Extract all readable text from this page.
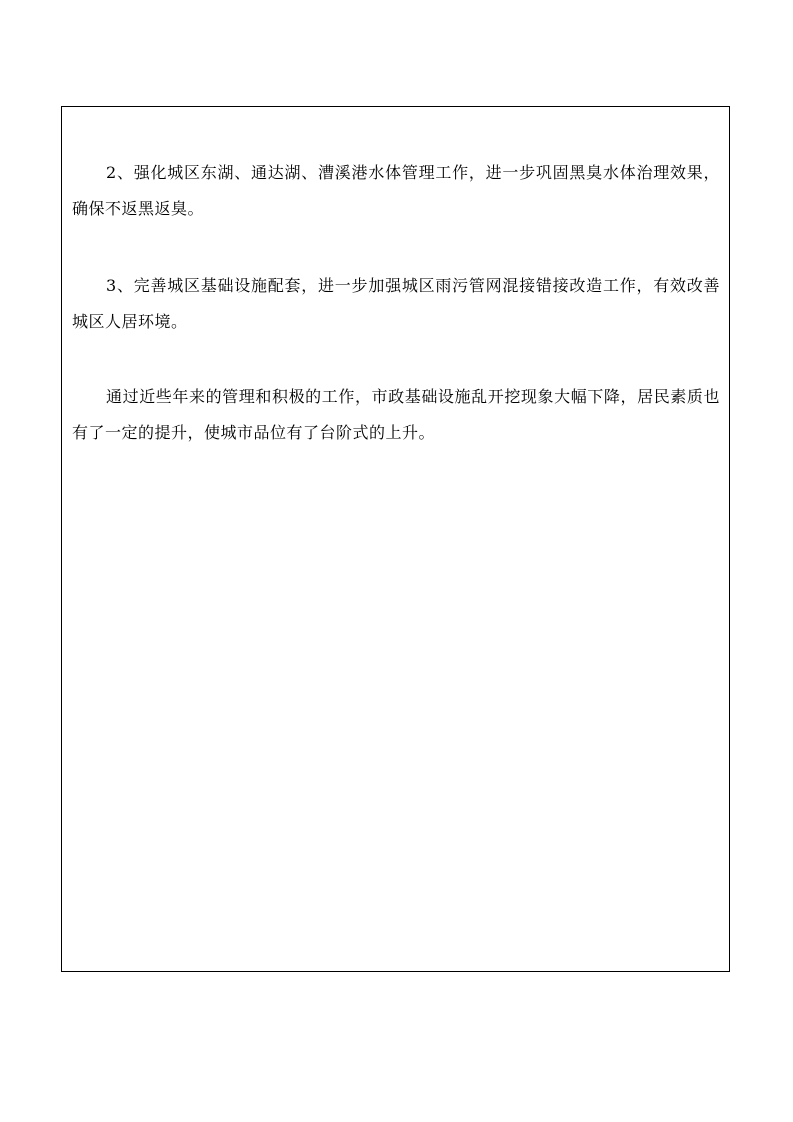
2、强化城区东湖、通达湖、漕溪港水体管理工作，进一步巩固黑臭水体治理效果，确保不返黑返臭。

3、完善城区基础设施配套，进一步加强城区雨污管网混接错接改造工作，有效改善城区人居环境。

通过近些年来的管理和积极的工作，市政基础设施乱开挖现象大幅下降，居民素质也有了一定的提升，使城市品位有了台阶式的上升。
